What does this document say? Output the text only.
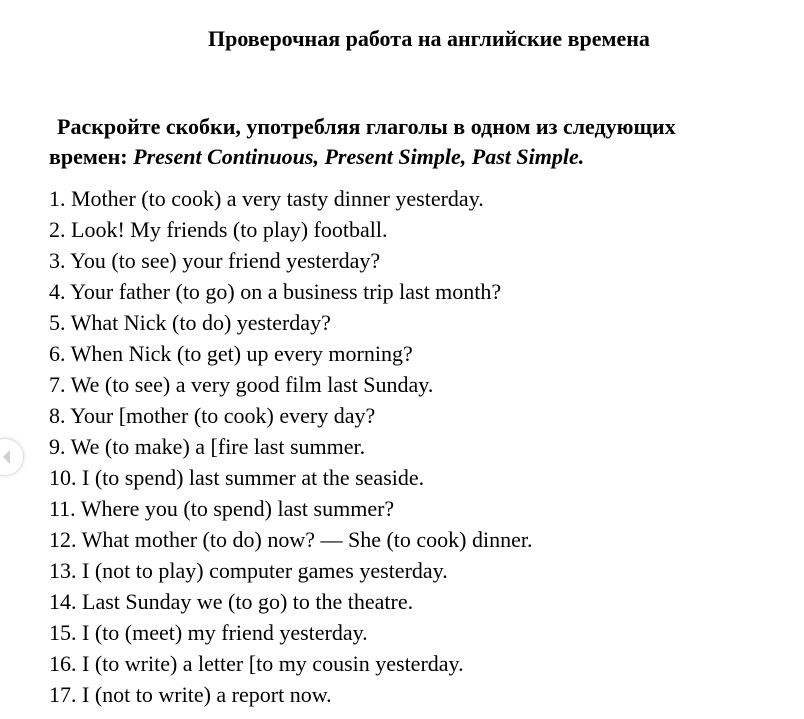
Проверочная работа на английские времена
Раскройте скобки, употребляя глаголы в одном из следующих
времен: Present Continuous, Present Simple, Past Simple.
1. Mother (to cook) a very tasty dinner yesterday.
2. Look! My friends (to play) football.
3. You (to see) your friend yesterday?
4. Your father (to go) on a business trip last month?
5. What Nick (to do) yesterday?
6. When Nick (to get) up every morning?
7. We (to see) a very good film last Sunday.
8. Your [mother (to cook) every day?
9. We (to make) a [fire last summer.
10. I (to spend) last summer at the seaside.
11. Where you (to spend) last summer?
12. What mother (to do) now? — She (to cook) dinner.
13. I (not to play) computer games yesterday.
14. Last Sunday we (to go) to the theatre.
15. I (to (meet) my friend yesterday.
16. I (to write) a letter [to my cousin yesterday.
17. I (not to write) a report now.
